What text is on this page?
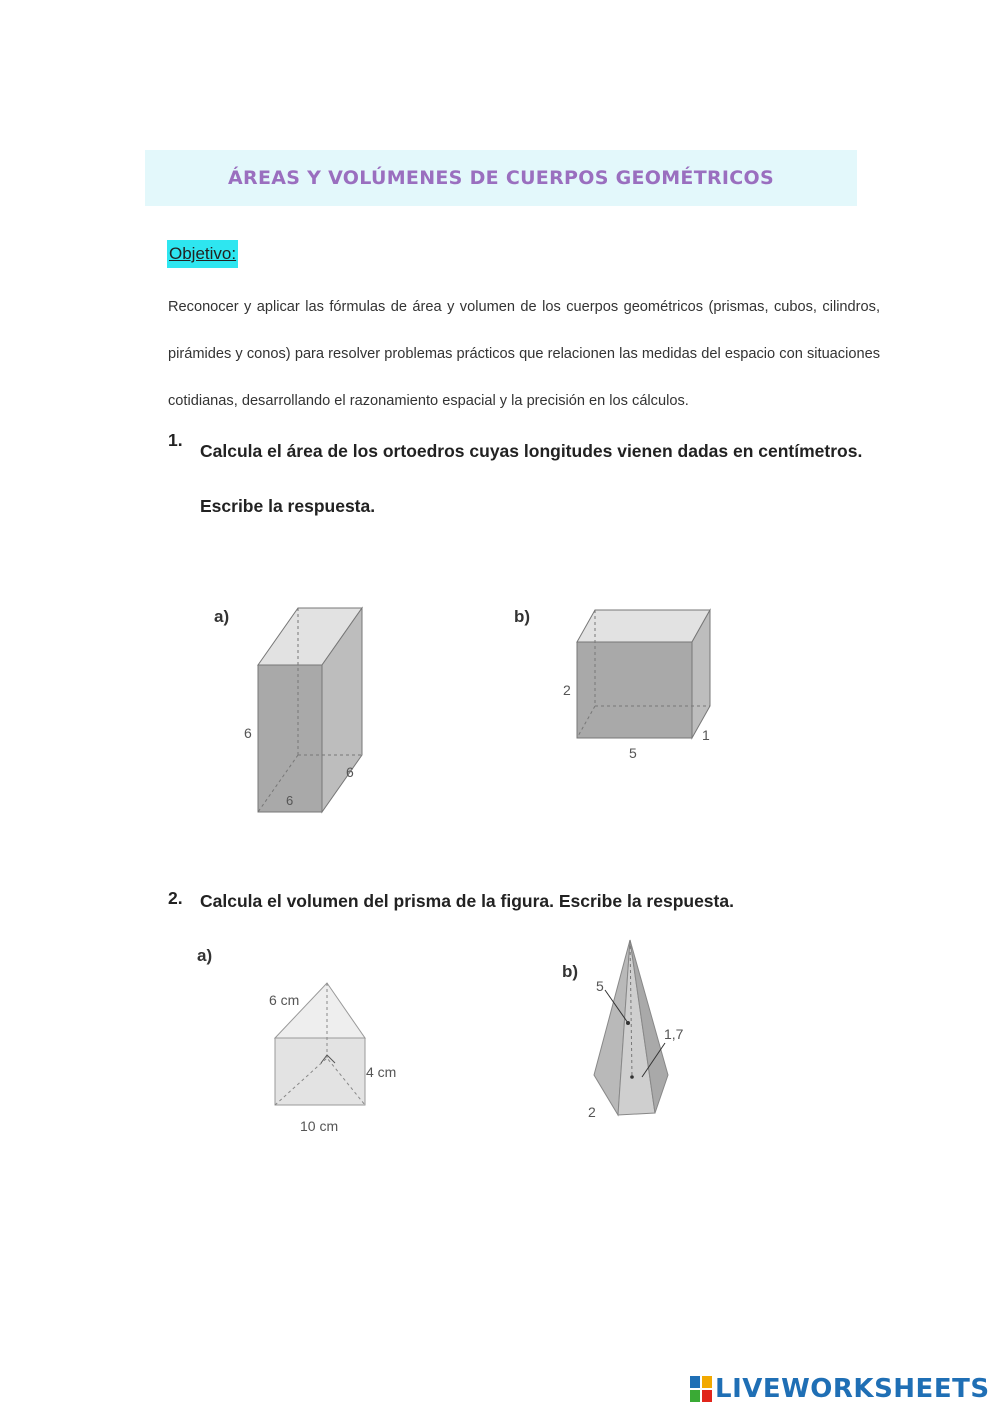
ÁREAS Y VOLÚMENES DE CUERPOS GEOMÉTRICOS
Objetivo:
Reconocer y aplicar las fórmulas de área y volumen de los cuerpos geométricos (prismas, cubos, cilindros, pirámides y conos) para resolver problemas prácticos que relacionen las medidas del espacio con situaciones cotidianas, desarrollando el razonamiento espacial y la precisión en los cálculos.
1.
Calcula el área de los ortoedros cuyas longitudes vienen dadas en centímetros. Escribe la respuesta.
a)	b)
6
6
6
2
5
1
2. Calcula el volumen del prisma de la figura. Escribe la respuesta.
a)
b)
6 cm
4 cm
10 cm
5
1,7
2
LIVEWORKSHEETS
